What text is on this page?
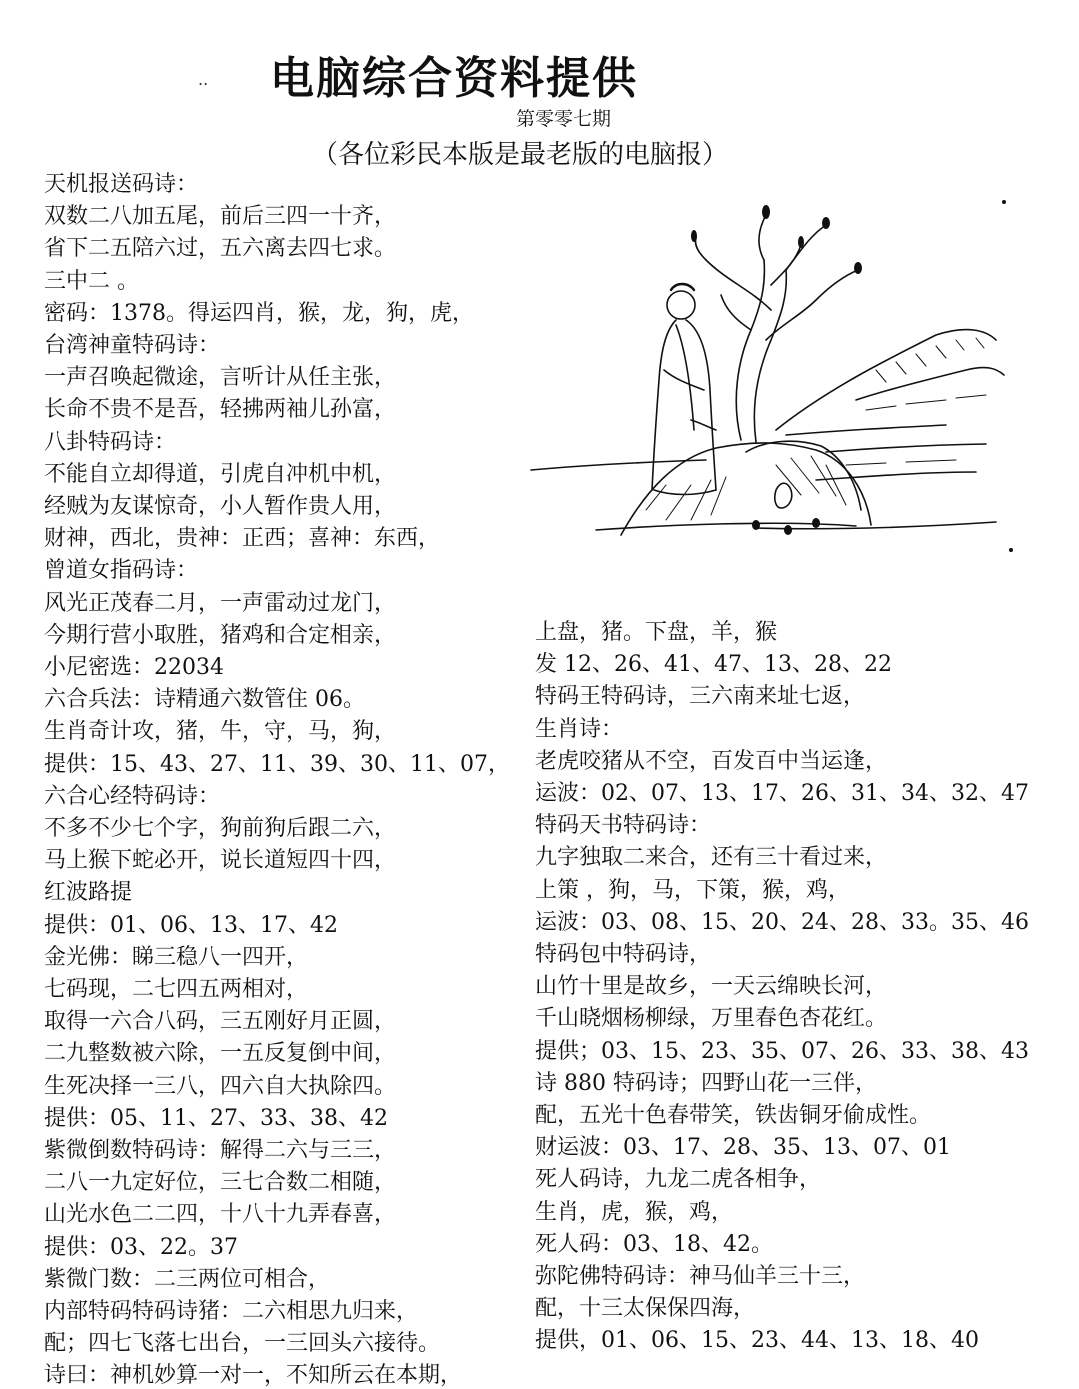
.. 电脑综合资料提供
第零零七期
（各位彩民本版是最老版的电脑报）
天机报送码诗：
双数二八加五尾，前后三四一十齐，
省下二五陪六过，五六离去四七求。
三中二 。
密码：1378。得运四肖，猴，龙，狗，虎，
台湾神童特码诗：
一声召唤起微途，言听计从任主张，
长命不贵不是吾，轻拂两袖儿孙富，
八卦特码诗：
不能自立却得道，引虎自冲机中机，
经贼为友谋惊奇，小人暂作贵人用，
财神，西北，贵神：正西；喜神：东西，
曾道女指码诗：
风光正茂春二月，一声雷动过龙门，
今期行营小取胜，猪鸡和合定相亲，
小尼密选：22034
六合兵法：诗精通六数管住 06。
生肖奇计攻，猪，牛，守，马，狗，
提供：15、43、27、11、39、30、11、07，
六合心经特码诗：
不多不少七个字，狗前狗后跟二六，
马上猴下蛇必开，说长道短四十四，
红波路提
提供：01、06、13、17、42
金光佛：睇三稳八一四开，
七码现，二七四五两相对，
取得一六合八码，三五刚好月正圆，
二九整数被六除，一五反复倒中间，
生死决择一三八，四六自大执除四。
提供：05、11、27、33、38、42
紫微倒数特码诗：解得二六与三三，
二八一九定好位，三七合数二相随，
山光水色二二四，十八十九弄春喜，
提供：03、22。37
紫微门数：二三两位可相合，
内部特码特码诗猪：二六相思九归来，
配；四七飞落七出台，一三回头六接待。
诗曰：神机妙算一对一，不知所云在本期，
上盘，猪。下盘，羊，猴
发 12、26、41、47、13、28、22
特码王特码诗，三六南来址七返，
生肖诗：
老虎咬猪从不空，百发百中当运逢，
运波：02、07、13、17、26、31、34、32、47
特码天书特码诗：
九字独取二来合，还有三十看过来，
上策 ，狗，马，下策，猴，鸡，
运波：03、08、15、20、24、28、33。35、46
特码包中特码诗，
山竹十里是故乡，一天云绵映长河，
千山晓烟杨柳绿，万里春色杏花红。
提供；03、15、23、35、07、26、33、38、43
诗 880 特码诗；四野山花一三伴，
配，五光十色春带笑，铁齿铜牙偷成性。
财运波：03、17、28、35、13、07、01
死人码诗，九龙二虎各相争，
生肖，虎，猴，鸡，
死人码：03、18、42。
弥陀佛特码诗：神马仙羊三十三，
配，十三太保保四海，
提供，01、06、15、23、44、13、18、40
